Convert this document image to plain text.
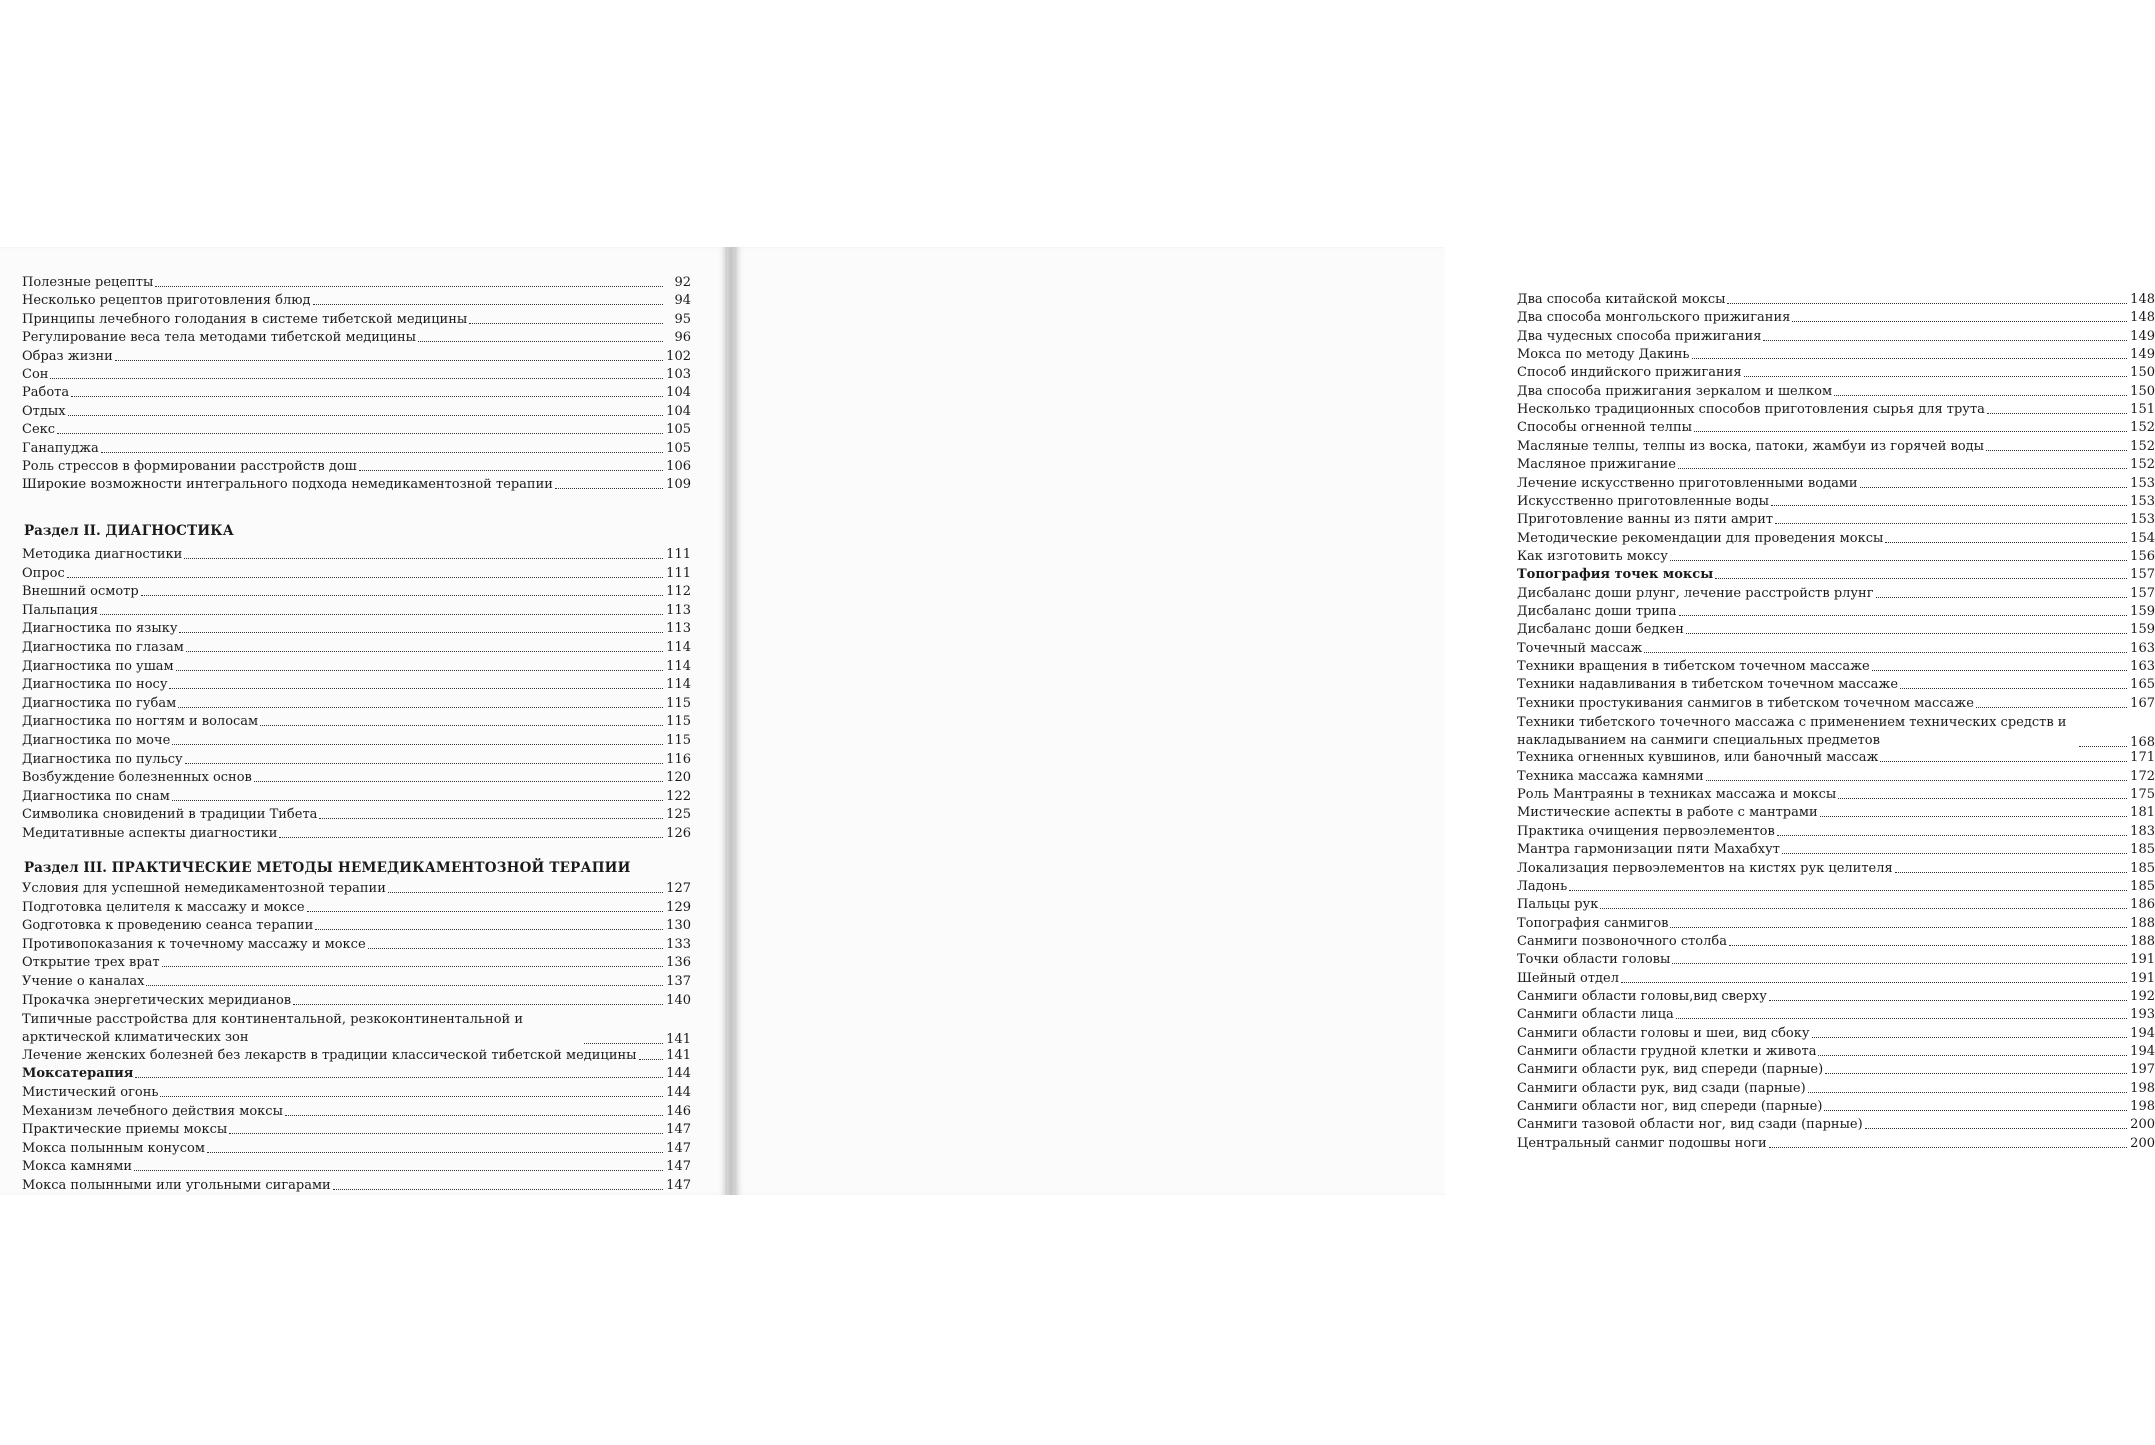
Полезные рецепты	92
Несколько рецептов приготовления блюд	94
Принципы лечебного голодания в системе тибетской медицины	95
Регулирование веса тела методами тибетской медицины	96
Образ жизни	102
Сон	103
Работа	104
Отдых	104
Секс	105
Ганапуджа	105
Роль стрессов в формировании расстройств дош	106
Широкие возможности интегрального подхода немедикаментозной терапии	109
Методика диагностики	111
Опрос	111
Внешний осмотр	112
Пальпация	113
Диагностика по языку	113
Диагностика по глазам	114
Диагностика по ушам	114
Диагностика по носу	114
Диагностика по губам	115
Диагностика по ногтям и волосам	115
Диагностика по моче	115
Диагностика по пульсу	116
Возбуждение болезненных основ	120
Диагностика по снам	122
Символика сновидений в традиции Тибета	125
Медитативные аспекты диагностики	126
Условия для успешной немедикаментозной терапии	127
Подготовка целителя к массажу и моксе	129
Gодготовка к проведению сеанса терапии	130
Противопоказания к точечному массажу и моксе	133
Открытие трех врат	136
Учение о каналах	137
Прокачка энергетических меридианов	140
Типичные расстройства для континентальной, резкоконтинентальной и арктической климатических зон	141
Лечение женских болезней без лекарств в традиции классической тибетской медицины 141
Моксатерапия	144
Мистический огонь	144
Механизм лечебного действия моксы	146
Практические приемы моксы	147
Мокса полынным конусом	147
Мокса камнями	147
Мокса полынными или угольными сигарами	147
Раздел II. ДИАГНОСТИКА
Раздел III. ПРАКТИЧЕСКИЕ МЕТОДЫ НЕМЕДИКАМЕНТОЗНОЙ ТЕРАПИИ
Два способа китайской моксы	148
Два способа монгольского прижигания	148
Два чудесных способа прижигания	149
Мокса по методу Дакинь	149
Способ индийского прижигания	150
Два способа прижигания зеркалом и шелком	150
Несколько традиционных способов приготовления сырья для трута	151
Способы огненной телпы	152
Масляные телпы, телпы из воска, патоки, жамбуи из горячей воды	152
Масляное прижигание	152
Лечение искусственно приготовленными водами	153
Искусственно приготовленные воды	153
Приготовление ванны из пяти амрит	153
Методические рекомендации для проведения моксы	154
Как изготовить моксу	156
Топография точек моксы	157
Дисбаланс доши рлунг, лечение расстройств рлунг	157
Дисбаланс доши трипа	159
Дисбаланс доши бедкен	159
Точечный массаж	163
Техники вращения в тибетском точечном массаже	163
Техники надавливания в тибетском точечном массаже	165
Техники простукивания санмигов в тибетском точечном массаже	167
Техники тибетского точечного массажа с применением технических средств и накладыванием на санмиги специальных предметов	168
Техника огненных кувшинов, или баночный массаж	171
Техника массажа камнями	172
Роль Мантраяны в техниках массажа и моксы	175
Мистические аспекты в работе с мантрами	181
Практика очищения первоэлементов	183
Мантра гармонизации пяти Махабхут	185
Локализация первоэлементов на кистях рук целителя	185
Ладонь	185
Пальцы рук	186
Топография санмигов	188
Санмиги позвоночного столба	188
Точки области головы	191
Шейный отдел	191
Санмиги области головы,вид сверху	192
Санмиги области лица	193
Санмиги области головы и шеи, вид сбоку	194
Санмиги области грудной клетки и живота	194
Санмиги области рук, вид спереди (парные)	197
Санмиги области рук, вид сзади (парные)	198
Санмиги области ног, вид спереди (парные)	198
Санмиги тазовой области ног, вид сзади (парные)	200
Центральный санмиг подошвы ноги	200
